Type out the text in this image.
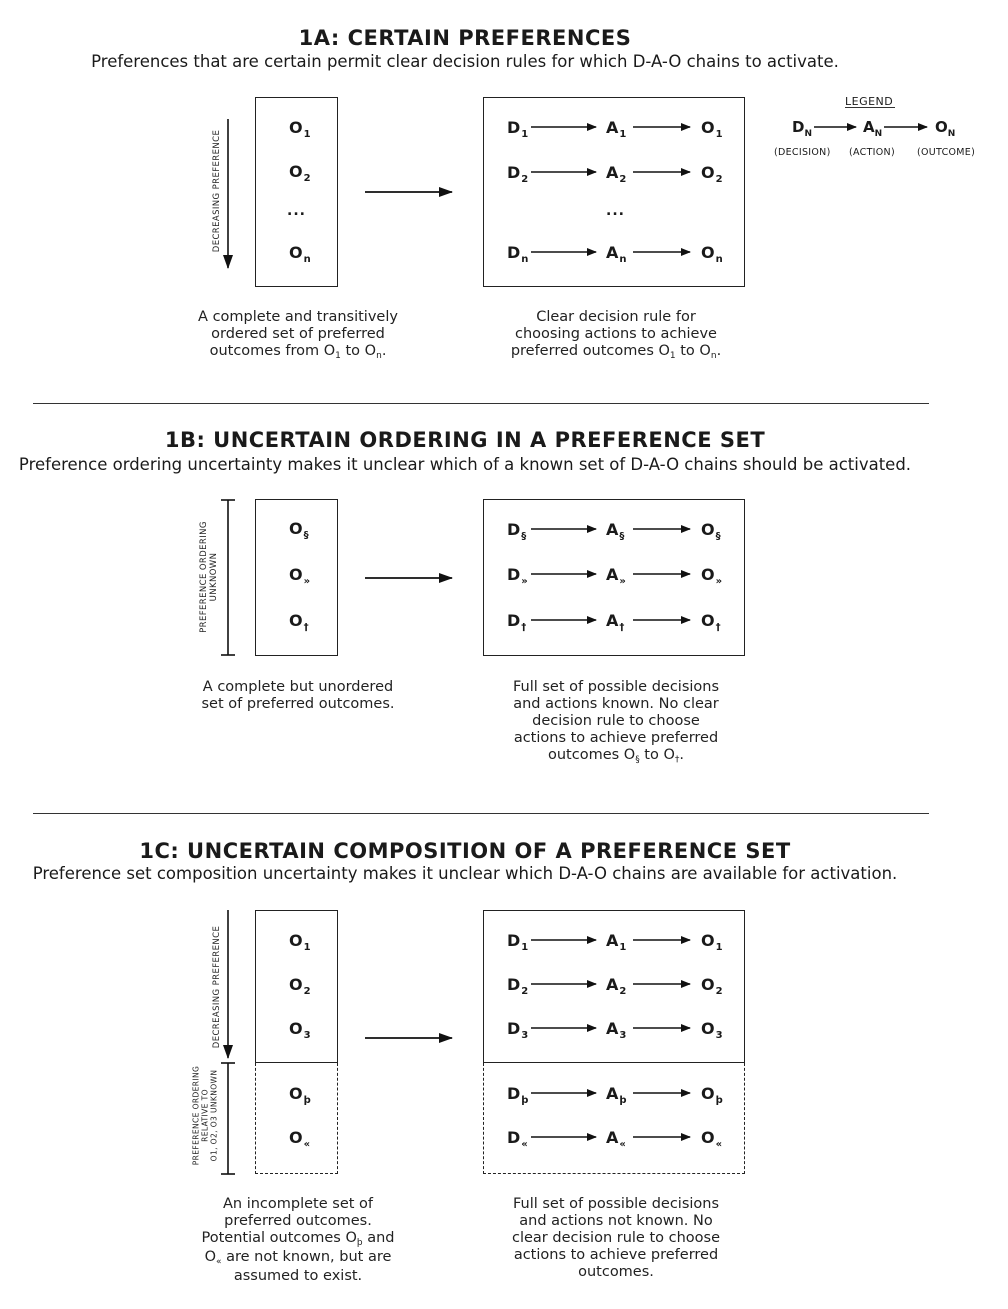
1A: CERTAIN PREFERENCES
Preferences that are certain permit clear decision rules for which D-A-O chains to activate.
LEGEND
$D_N$	$A_N$	$O_N$
(DECISION) (ACTION) (OUTCOME)
DECREASING PREFERENCE
$O_1$
$O_2$
...
$O_n$
$D_1$	$A_1$	$O_1$
$D_2$	$A_2$	$O_2$
...
$D_n$	$A_n$	$O_n$
A complete and transitively
ordered set of preferred
outcomes from $O_1$ to $O_n$.
Clear decision rule for
choosing actions to achieve
preferred outcomes $O_1$ to $O_n$.
1B: UNCERTAIN ORDERING IN A PREFERENCE SET
Preference ordering uncertainty makes it unclear which of a known set of D-A-O chains should be activated.
PREFERENCE ORDERING UNKNOWN
$O_\S$
$O_»$
$O_\dagger$
$D_\S$	$A_\S$	$O_\S$
$D_»$	$A_»$	$O_»$
$D_\dagger$	$A_\dagger$	$O_\dagger$
A complete but unordered
set of preferred outcomes.
Full set of possible decisions
and actions known. No clear
decision rule to choose
actions to achieve preferred
outcomes $O_\S$ to $O_\dagger$.
1C: UNCERTAIN COMPOSITION OF A PREFERENCE SET
Preference set composition uncertainty makes it unclear which D-A-O chains are available for activation.
DECREASING PREFERENCE
PREFERENCE ORDERING RELATIVE TO O1, O2, O3 UNKNOWN
$O_1$
$O_2$
$O_3$
$O_þ$
$O_«$
$D_1$	$A_1$	$O_1$
$D_2$	$A_2$	$O_2$
$D_3$	$A_3$	$O_3$
$D_þ$	$A_þ$	$O_þ$
$D_«$	$A_«$	$O_«$
An incomplete set of
preferred outcomes.
Potential outcomes $O_þ$ and
$O_«$ are not known, but are
assumed to exist.
Full set of possible decisions
and actions not known. No
clear decision rule to choose
actions to achieve preferred
outcomes.
